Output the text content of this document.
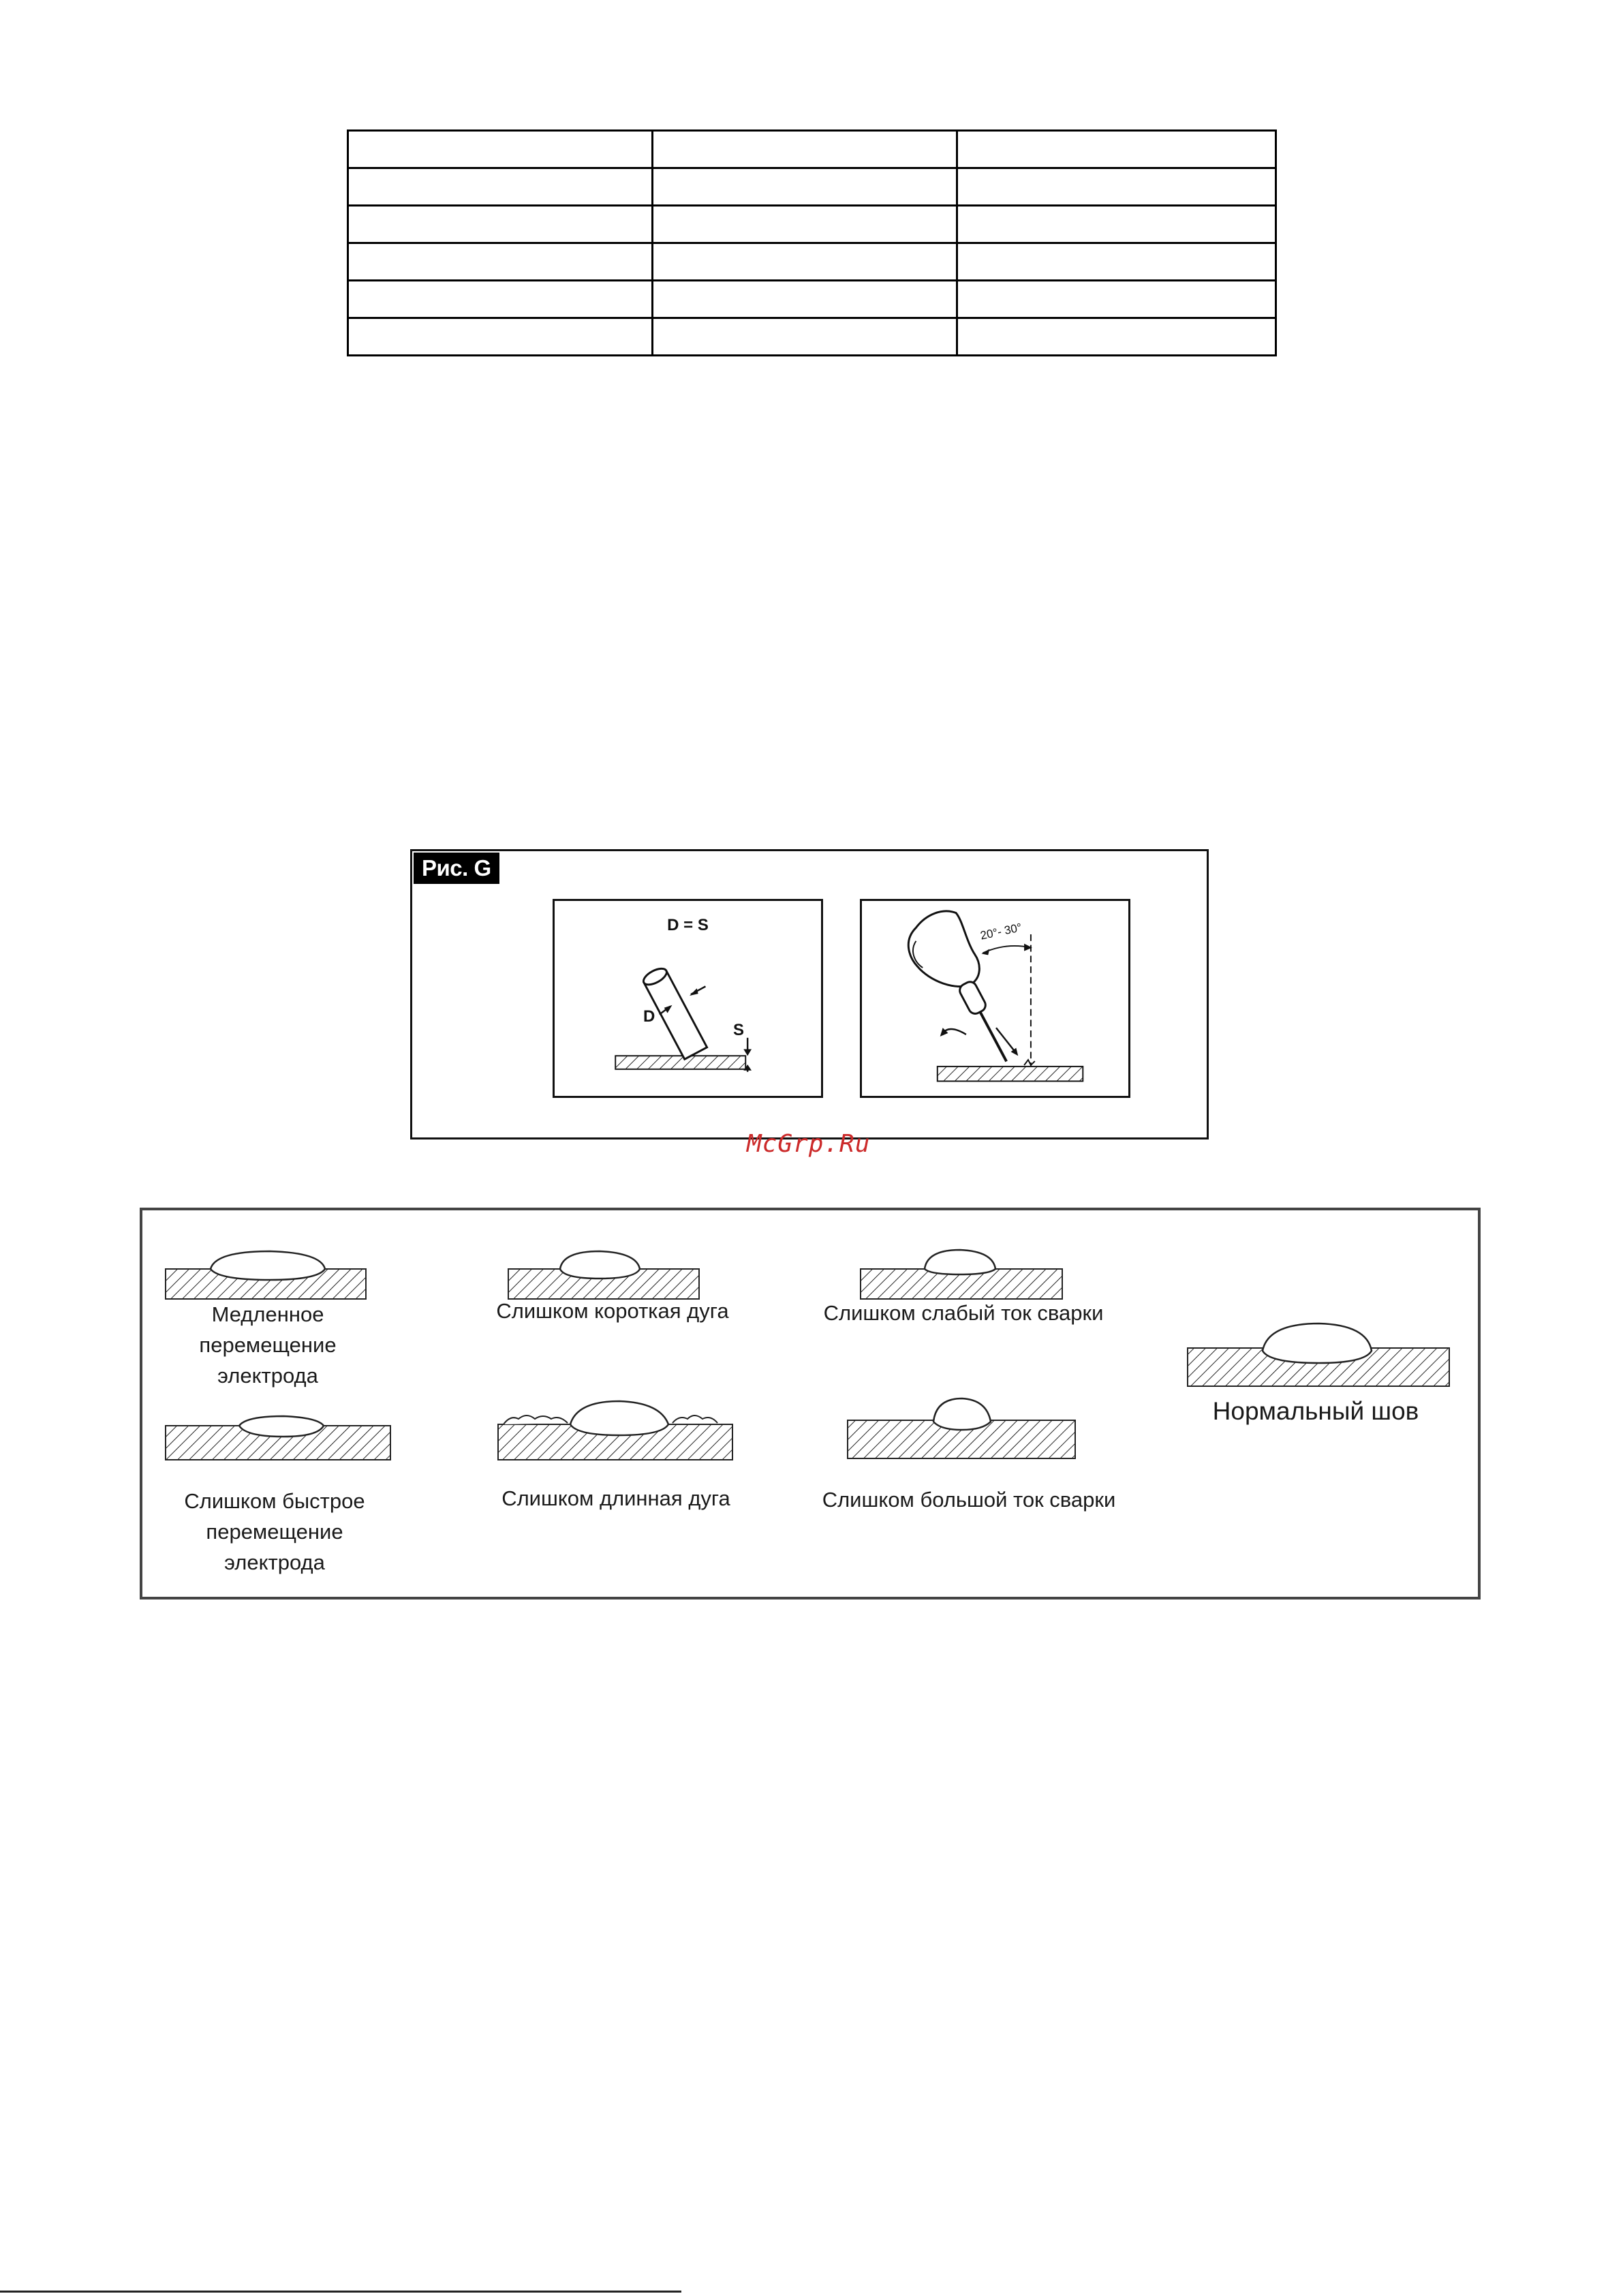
Рис. G
D = S
D
S
20°- 30°
McGrp.Ru
Медленное перемещение электрода
Слишком короткая дуга	Слишком слабый ток сварки
Слишком быстрое перемещение электрода
Слишком длинная дуга	Слишком большой ток сварки
Нормальный шов
